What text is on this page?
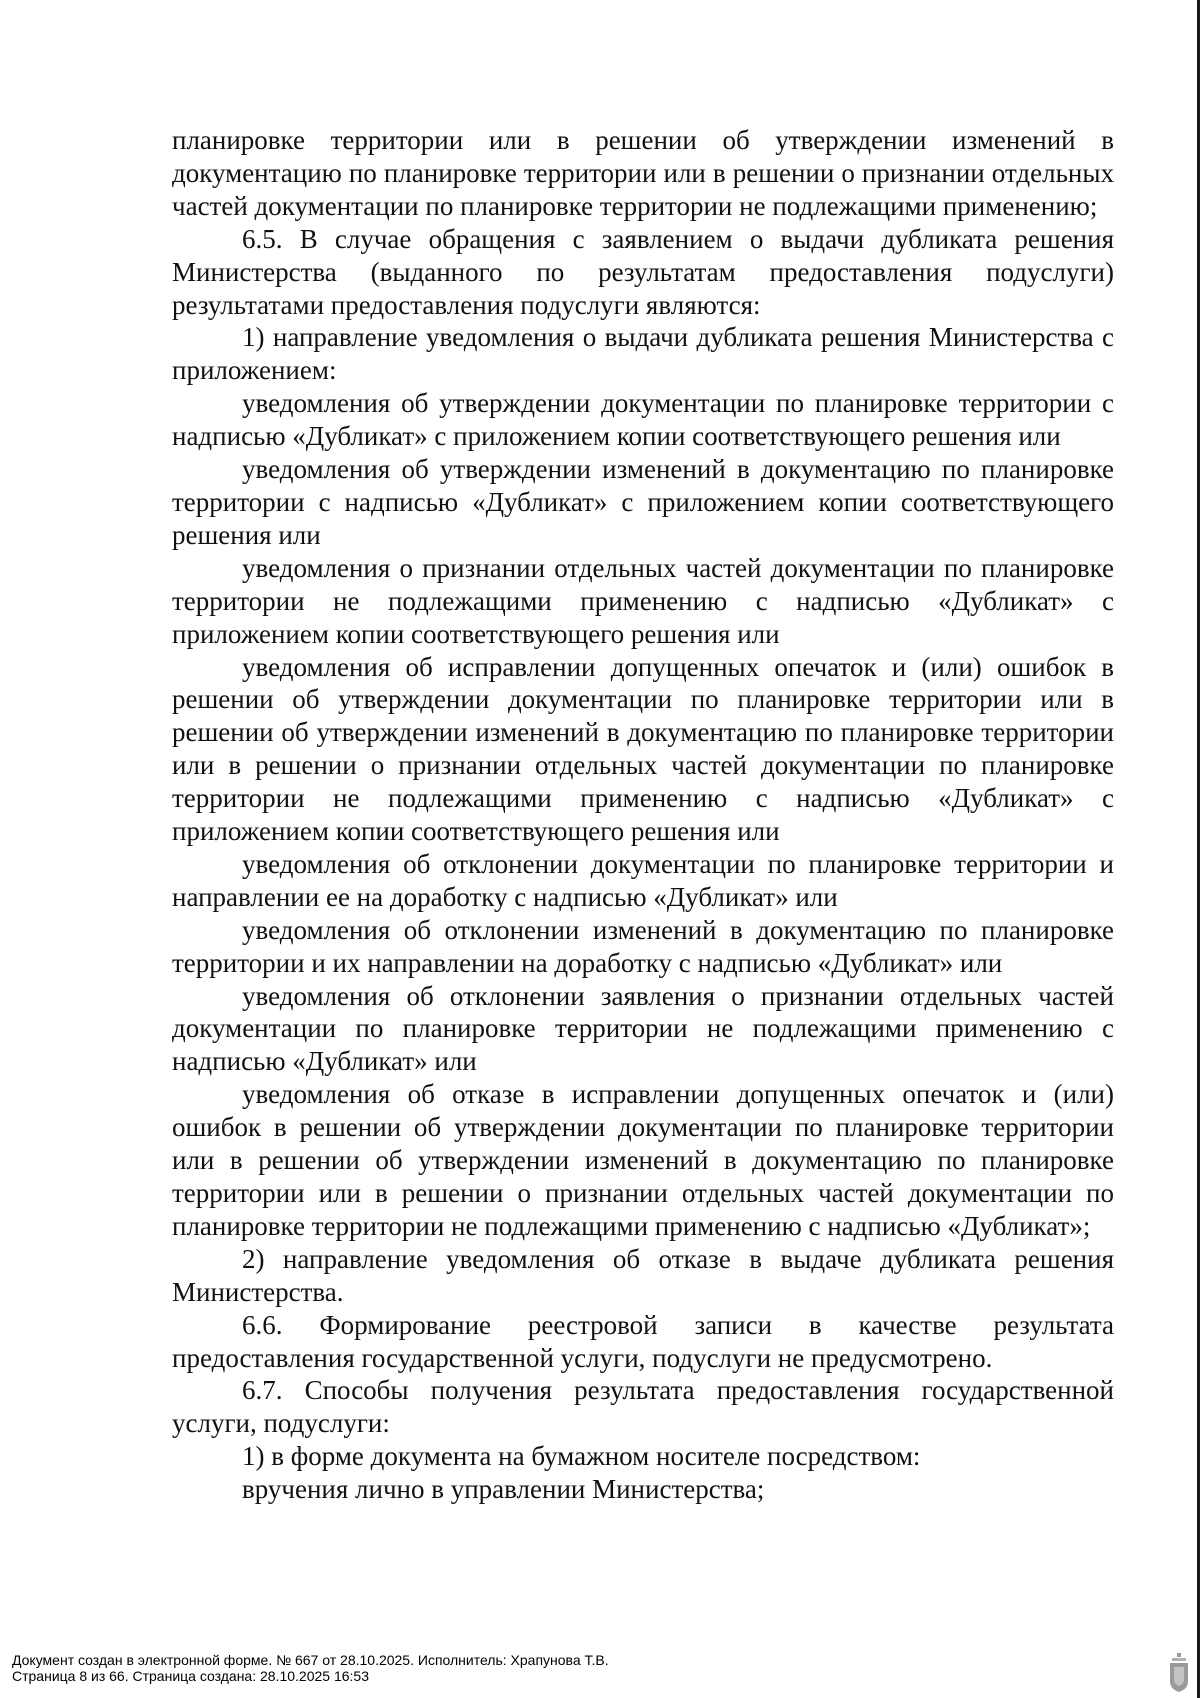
планировке территории или в решении об утверждении изменений в документацию по планировке территории или в решении о признании отдельных частей документации по планировке территории не подлежащими применению;

6.5. В случае обращения с заявлением о выдачи дубликата решения Министерства (выданного по результатам предоставления подуслуги) результатами предоставления подуслуги являются:

1) направление уведомления о выдачи дубликата решения Министерства с приложением:

уведомления об утверждении документации по планировке территории с надписью «Дубликат» с приложением копии соответствующего решения или

уведомления об утверждении изменений в документацию по планировке территории с надписью «Дубликат» с приложением копии соответствующего решения или

уведомления о признании отдельных частей документации по планировке территории не подлежащими применению с надписью «Дубликат» с приложением копии соответствующего решения или

уведомления об исправлении допущенных опечаток и (или) ошибок в решении об утверждении документации по планировке территории или в решении об утверждении изменений в документацию по планировке территории или в решении о признании отдельных частей документации по планировке территории не подлежащими применению с надписью «Дубликат» с приложением копии соответствующего решения или

уведомления об отклонении документации по планировке территории и направлении ее на доработку с надписью «Дубликат» или

уведомления об отклонении изменений в документацию по планировке территории и их направлении на доработку с надписью «Дубликат» или

уведомления об отклонении заявления о признании отдельных частей документации по планировке территории не подлежащими применению с надписью «Дубликат» или

уведомления об отказе в исправлении допущенных опечаток и (или) ошибок в решении об утверждении документации по планировке территории или в решении об утверждении изменений в документацию по планировке территории или в решении о признании отдельных частей документации по планировке территории не подлежащими применению с надписью «Дубликат»;

2) направление уведомления об отказе в выдаче дубликата решения Министерства.

6.6. Формирование реестровой записи в качестве результата предоставления государственной услуги, подуслуги не предусмотрено.

6.7. Способы получения результата предоставления государственной услуги, подуслуги:

1) в форме документа на бумажном носителе посредством:

вручения лично в управлении Министерства;

Документ создан в электронной форме. № 667 от 28.10.2025. Исполнитель: Храпунова Т.В.
Страница 8 из 66. Страница создана: 28.10.2025 16:53
